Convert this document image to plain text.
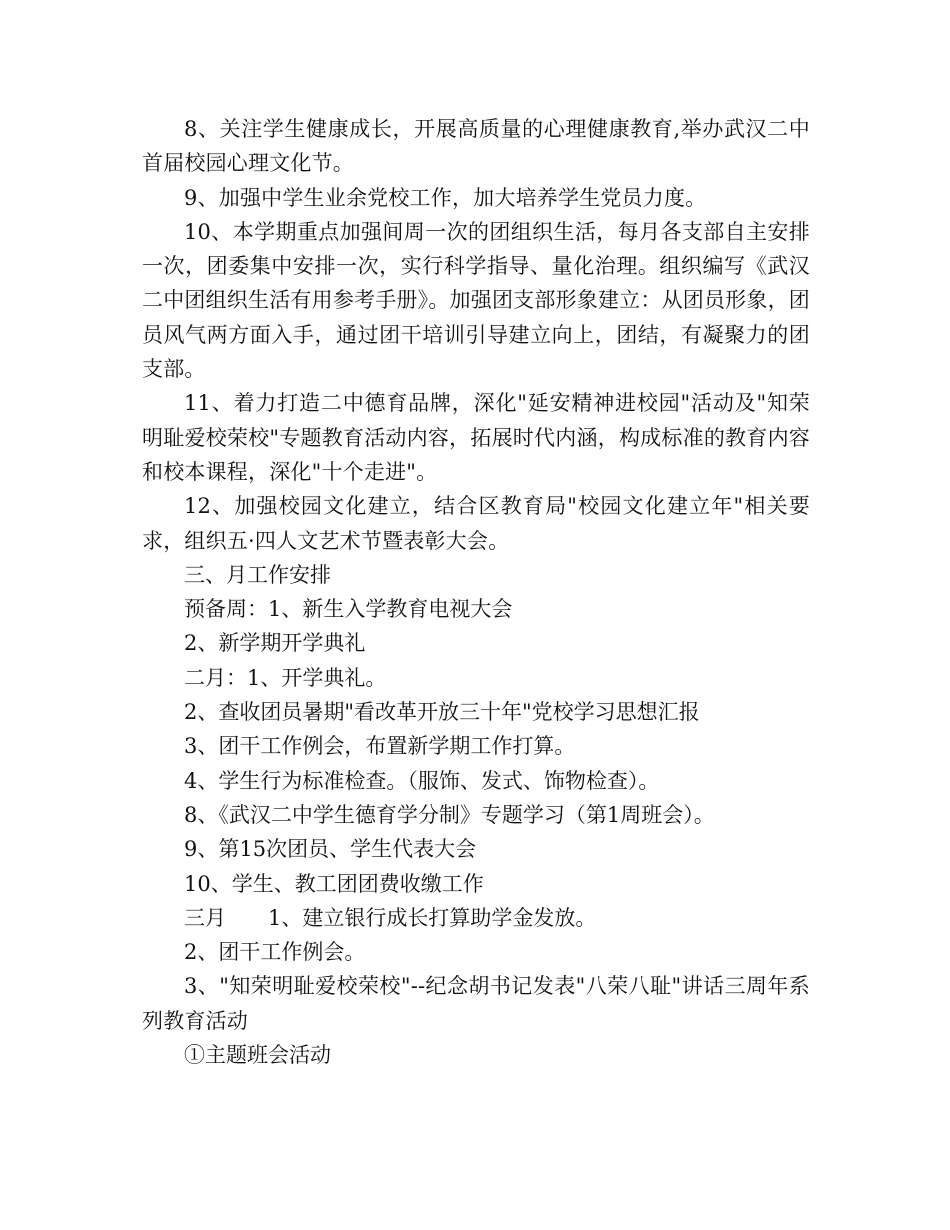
8、关注学生健康成长，开展高质量的心理健康教育,举办武汉二中首届校园心理文化节。

9、加强中学生业余党校工作，加大培养学生党员力度。

10、本学期重点加强间周一次的团组织生活，每月各支部自主安排一次，团委集中安排一次，实行科学指导、量化治理。组织编写《武汉二中团组织生活有用参考手册》。加强团支部形象建立：从团员形象，团员风气两方面入手，通过团干培训引导建立向上，团结，有凝聚力的团支部。

11、着力打造二中德育品牌，深化"延安精神进校园"活动及"知荣明耻爱校荣校"专题教育活动内容，拓展时代内涵，构成标准的教育内容和校本课程，深化"十个走进"。

12、加强校园文化建立，结合区教育局"校园文化建立年"相关要求，组织五·四人文艺术节暨表彰大会。

三、月工作安排
预备周：1、新生入学教育电视大会
2、新学期开学典礼
二月：1、开学典礼。
2、查收团员暑期"看改革开放三十年"党校学习思想汇报
3、团干工作例会，布置新学期工作打算。
4、学生行为标准检查。（服饰、发式、饰物检查）。
8、《武汉二中学生德育学分制》专题学习（第1周班会）。
9、第15次团员、学生代表大会
10、学生、教工团团费收缴工作
三月　　1、建立银行成长打算助学金发放。
2、团干工作例会。

3、"知荣明耻爱校荣校"--纪念胡书记发表"八荣八耻"讲话三周年系列教育活动

①主题班会活动
